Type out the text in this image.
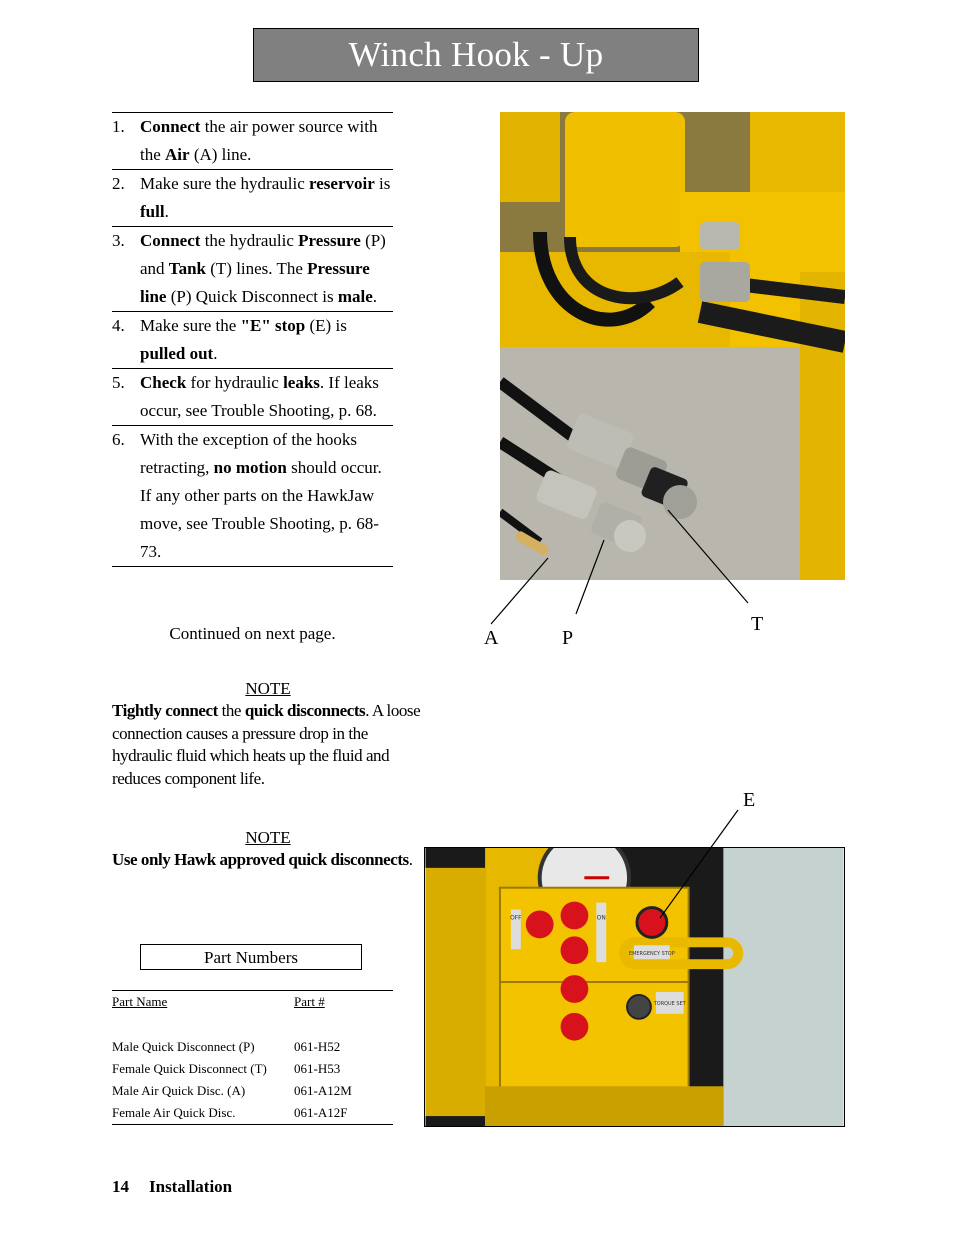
Winch Hook - Up
1. Connect the air power source with the Air (A) line.
2. Make sure the hydraulic reservoir is full.
3. Connect the hydraulic Pressure (P) and Tank (T) lines. The Pressure line (P) Quick Disconnect is male.
4. Make sure the "E" stop (E) is pulled out.
5. Check for hydraulic leaks. If leaks occur, see Trouble Shooting, p. 68.
6. With the exception of the hooks retracting, no motion should occur. If any other parts on the HawkJaw move, see Trouble Shooting, p. 68-73.
Continued on next page.
NOTE
Tightly connect the quick disconnects. A loose connection causes a pressure drop in the hydraulic fluid which heats up the fluid and reduces component life.
NOTE
Use only Hawk approved quick disconnects.
Part Numbers
Part Name	Part #
Male Quick Disconnect (P)	061-H52
Female Quick Disconnect (T)	061-H53
Male Air Quick Disc. (A)	061-A12M
Female Air Quick Disc.	061-A12F
14 Installation
OFF	ON
EMERGENCY STOP
TORQUE SET
A	P
T
E
